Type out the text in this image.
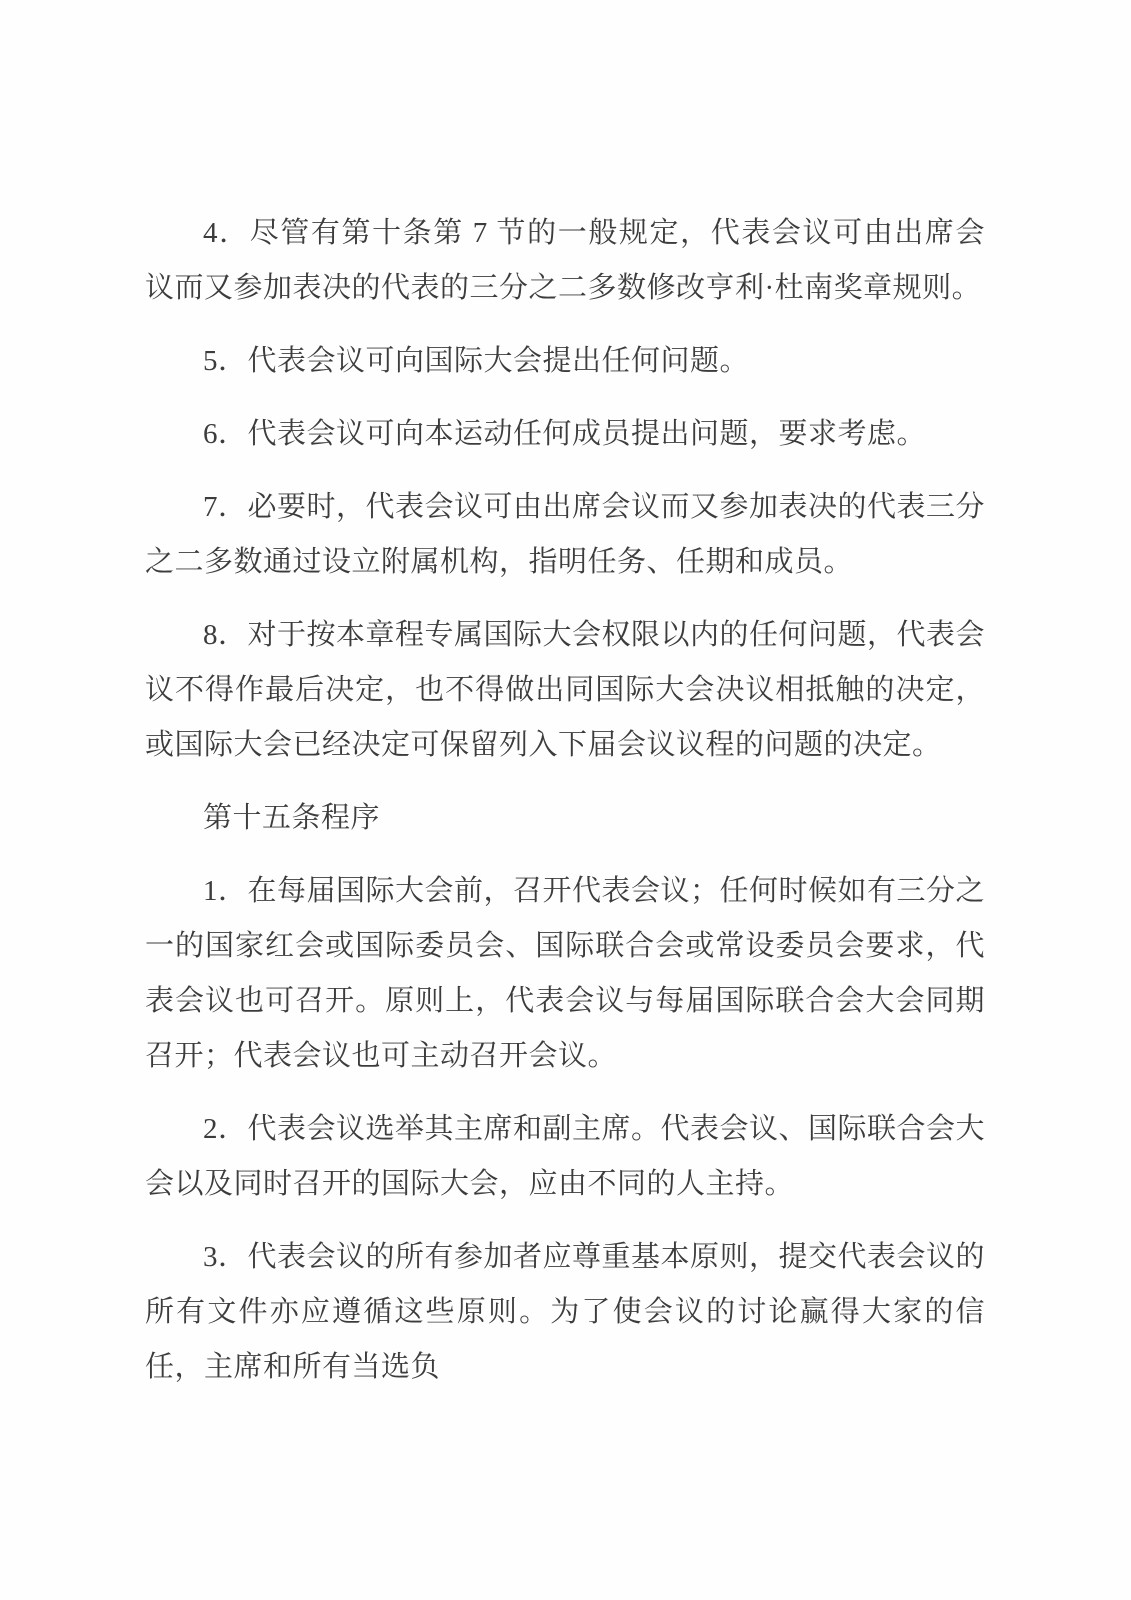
4．尽管有第十条第 7 节的一般规定，代表会议可由出席会议而又参加表决的代表的三分之二多数修改亨利·杜南奖章规则。

5．代表会议可向国际大会提出任何问题。

6．代表会议可向本运动任何成员提出问题，要求考虑。

7．必要时，代表会议可由出席会议而又参加表决的代表三分之二多数通过设立附属机构，指明任务、任期和成员。

8．对于按本章程专属国际大会权限以内的任何问题，代表会议不得作最后决定，也不得做出同国际大会决议相抵触的决定，或国际大会已经决定可保留列入下届会议议程的问题的决定。

第十五条程序

1．在每届国际大会前，召开代表会议；任何时候如有三分之一的国家红会或国际委员会、国际联合会或常设委员会要求，代表会议也可召开。原则上，代表会议与每届国际联合会大会同期召开；代表会议也可主动召开会议。

2．代表会议选举其主席和副主席。代表会议、国际联合会大会以及同时召开的国际大会，应由不同的人主持。

3．代表会议的所有参加者应尊重基本原则，提交代表会议的所有文件亦应遵循这些原则。为了使会议的讨论赢得大家的信任，主席和所有当选负
